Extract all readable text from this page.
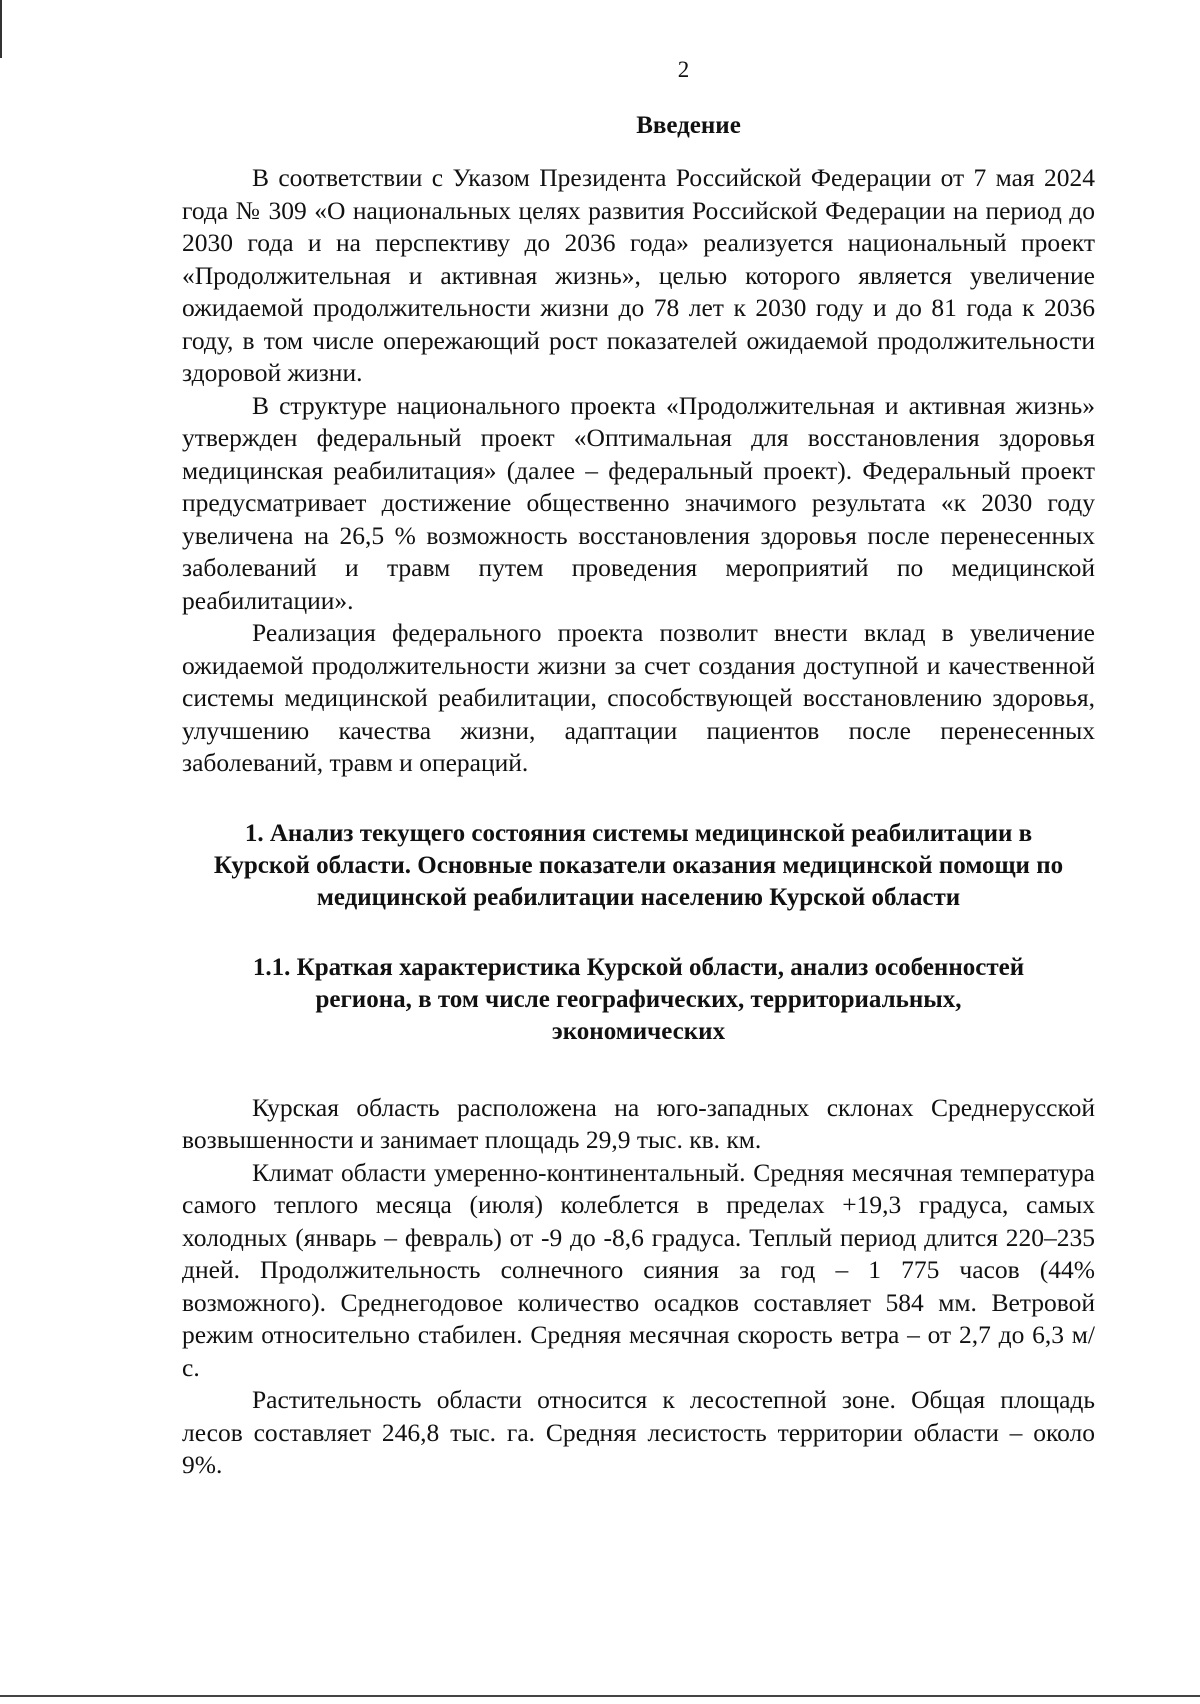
2
Введение

В соответствии с Указом Президента Российской Федерации от 7 мая 2024 года № 309 «О национальных целях развития Российской Федерации на период до 2030 года и на перспективу до 2036 года» реализуется национальный проект «Продолжительная и активная жизнь», целью которого является увеличение ожидаемой продолжительности жизни до 78 лет к 2030 году и до 81 года к 2036 году, в том числе опережающий рост показателей ожидаемой продолжительности здоровой жизни.

В структуре национального проекта «Продолжительная и активная жизнь» утвержден федеральный проект «Оптимальная для восстановления здоровья медицинская реабилитация» (далее – федеральный проект). Федеральный проект предусматривает достижение общественно значимого результата «к 2030 году увеличена на 26,5 % возможность восстановления здоровья после перенесенных заболеваний и травм путем проведения мероприятий по медицинской реабилитации».

Реализация федерального проекта позволит внести вклад в увеличение ожидаемой продолжительности жизни за счет создания доступной и качественной системы медицинской реабилитации, способствующей восстановлению здоровья, улучшению качества жизни, адаптации пациентов после перенесенных заболеваний, травм и операций.

1. Анализ текущего состояния системы медицинской реабилитации в Курской области. Основные показатели оказания медицинской помощи по медицинской реабилитации населению Курской области
1.1. Краткая характеристика Курской области, анализ особенностей региона, в том числе географических, территориальных, экономических

Курская область расположена на юго-западных склонах Среднерусской возвышенности и занимает площадь 29,9 тыс. кв. км.

Климат области умеренно-континентальный. Средняя месячная температура самого теплого месяца (июля) колеблется в пределах +19,3 градуса, самых холодных (январь – февраль) от -9 до -8,6 градуса. Теплый период длится 220–235 дней. Продолжительность солнечного сияния за год – 1 775 часов (44% возможного). Среднегодовое количество осадков составляет 584 мм. Ветровой режим относительно стабилен. Средняя месячная скорость ветра – от 2,7 до 6,3 м/с.

Растительность области относится к лесостепной зоне. Общая площадь лесов составляет 246,8 тыс. га. Средняя лесистость территории области – около 9%.
